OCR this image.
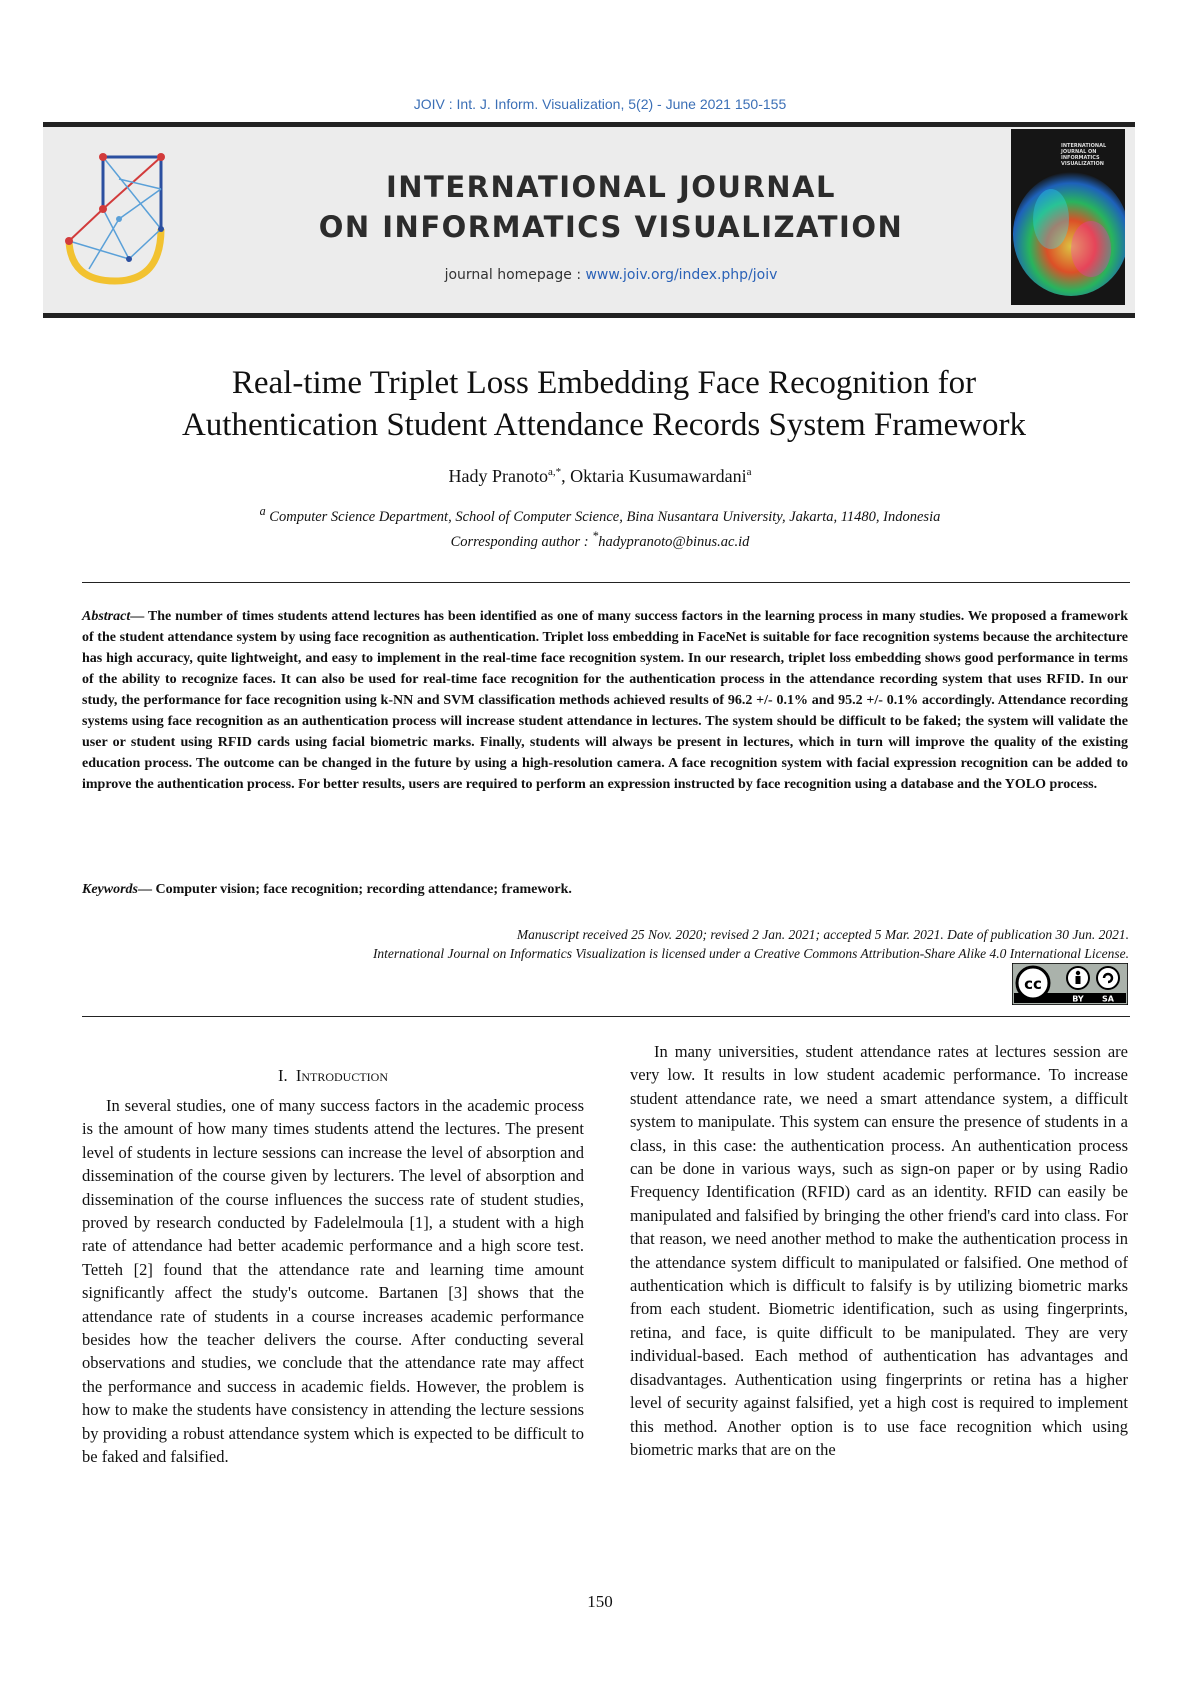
JOIV : Int. J. Inform. Visualization, 5(2) - June 2021 150-155
INTERNATIONAL JOURNAL
ON INFORMATICS VISUALIZATION
journal homepage : www.joiv.org/index.php/joiv
INTERNATIONAL
JOURNAL ON
INFORMATICS
VISUALIZATION
Real-time Triplet Loss Embedding Face Recognition for
Authentication Student Attendance Records System Framework
Hady Pranoto$^{a,*}$, Oktaria Kusumawardani$^a$
$^a$ Computer Science Department, School of Computer Science, Bina Nusantara University, Jakarta, 11480, Indonesia
Corresponding author : *hadypranoto@binus.ac.id
Abstract— The number of times students attend lectures has been identified as one of many success factors in the learning process in many studies. We proposed a framework of the student attendance system by using face recognition as authentication. Triplet loss embedding in FaceNet is suitable for face recognition systems because the architecture has high accuracy, quite lightweight, and easy to implement in the real-time face recognition system. In our research, triplet loss embedding shows good performance in terms of the ability to recognize faces. It can also be used for real-time face recognition for the authentication process in the attendance recording system that uses RFID. In our study, the performance for face recognition using k-NN and SVM classification methods achieved results of 96.2 +/- 0.1% and 95.2 +/- 0.1% accordingly. Attendance recording systems using face recognition as an authentication process will increase student attendance in lectures. The system should be difficult to be faked; the system will validate the user or student using RFID cards using facial biometric marks. Finally, students will always be present in lectures, which in turn will improve the quality of the existing education process. The outcome can be changed in the future by using a high-resolution camera. A face recognition system with facial expression recognition can be added to improve the authentication process. For better results, users are required to perform an expression instructed by face recognition using a database and the YOLO process.
Keywords— Computer vision; face recognition; recording attendance; framework.
Manuscript received 25 Nov. 2020; revised 2 Jan. 2021; accepted 5 Mar. 2021. Date of publication 30 Jun. 2021.
International Journal on Informatics Visualization is licensed under a Creative Commons Attribution-Share Alike 4.0 International License.
cc
BY SA
I. Introduction

In several studies, one of many success factors in the academic process is the amount of how many times students attend the lectures. The present level of students in lecture sessions can increase the level of absorption and dissemination of the course given by lecturers. The level of absorption and dissemination of the course influences the success rate of student studies, proved by research conducted by Fadelelmoula [1], a student with a high rate of attendance had better academic performance and a high score test. Tetteh [2] found that the attendance rate and learning time amount significantly affect the study's outcome. Bartanen [3] shows that the attendance rate of students in a course increases academic performance besides how the teacher delivers the course. After conducting several observations and studies, we conclude that the attendance rate may affect the performance and success in academic fields. However, the problem is how to make the students have consistency in attending the lecture sessions by providing a robust attendance system which is expected to be difficult to be faked and falsified.

In many universities, student attendance rates at lectures session are very low. It results in low student academic performance. To increase student attendance rate, we need a smart attendance system, a difficult system to manipulate. This system can ensure the presence of students in a class, in this case: the authentication process. An authentication process can be done in various ways, such as sign-on paper or by using Radio Frequency Identification (RFID) card as an identity. RFID can easily be manipulated and falsified by bringing the other friend's card into class. For that reason, we need another method to make the authentication process in the attendance system difficult to manipulated or falsified. One method of authentication which is difficult to falsify is by utilizing biometric marks from each student. Biometric identification, such as using fingerprints, retina, and face, is quite difficult to be manipulated. They are very individual-based. Each method of authentication has advantages and disadvantages. Authentication using fingerprints or retina has a higher level of security against falsified, yet a high cost is required to implement this method. Another option is to use face recognition which using biometric marks that are on the

150
